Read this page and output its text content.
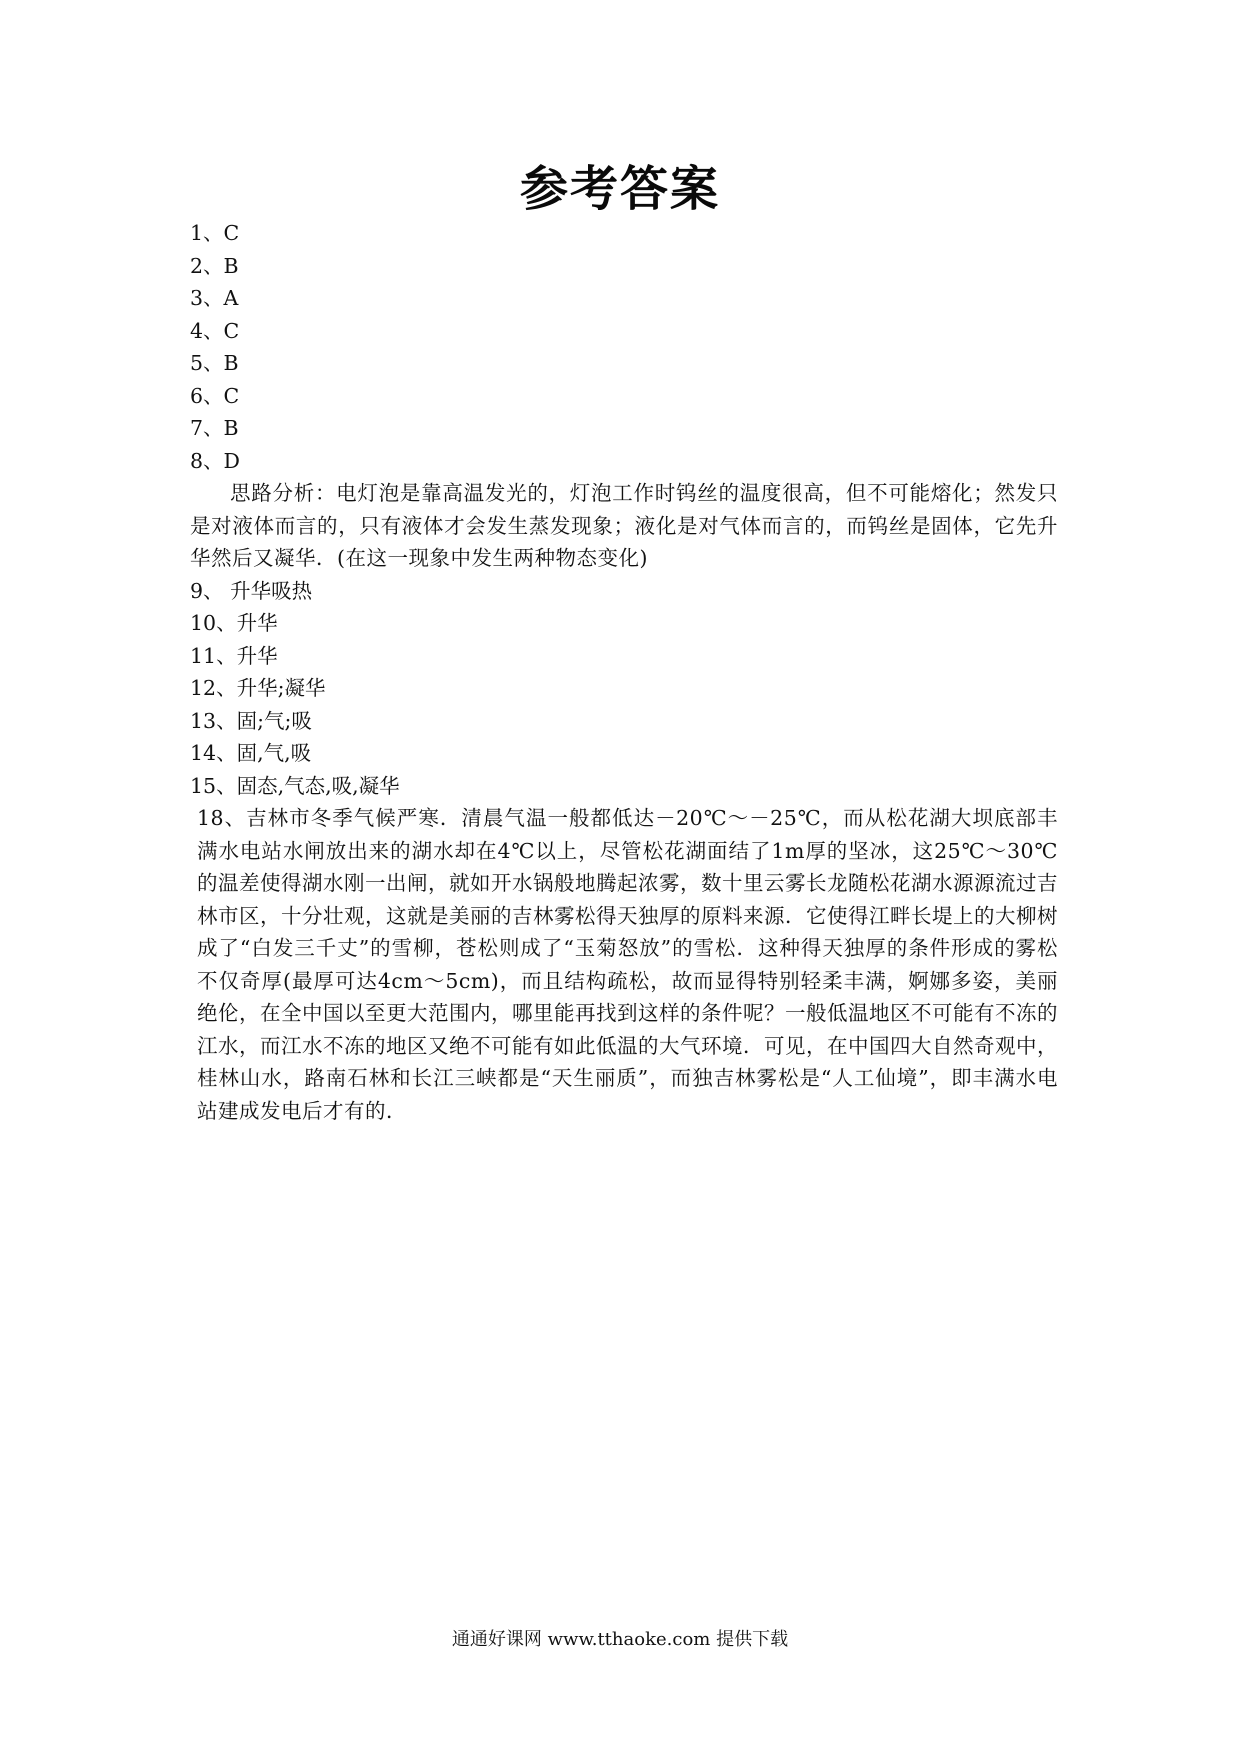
参考答案
1、C
2、B
3、A
4、C
5、B
6、C
7、B
8、D
思路分析：电灯泡是靠高温发光的，灯泡工作时钨丝的温度很高，但不可能熔化；然发只是对液体而言的，只有液体才会发生蒸发现象；液化是对气体而言的，而钨丝是固体，它先升华然后又凝华．(在这一现象中发生两种物态变化)
9、 升华吸热
10、升华
11、升华
12、升华;凝华
13、固;气;吸
14、固,气,吸
15、固态,气态,吸,凝华
18、吉林市冬季气候严寒．清晨气温一般都低达－20℃～－25℃，而从松花湖大坝底部丰满水电站水闸放出来的湖水却在4℃以上，尽管松花湖面结了1m厚的坚冰，这25℃～30℃的温差使得湖水刚一出闸，就如开水锅般地腾起浓雾，数十里云雾长龙随松花湖水源源流过吉林市区，十分壮观，这就是美丽的吉林雾松得天独厚的原料来源．它使得江畔长堤上的大柳树成了“白发三千丈”的雪柳，苍松则成了“玉菊怒放”的雪松．这种得天独厚的条件形成的雾松不仅奇厚(最厚可达4cm～5cm)，而且结构疏松，故而显得特别轻柔丰满，婀娜多姿，美丽绝伦，在全中国以至更大范围内，哪里能再找到这样的条件呢？一般低温地区不可能有不冻的江水，而江水不冻的地区又绝不可能有如此低温的大气环境．可见，在中国四大自然奇观中，桂林山水，路南石林和长江三峡都是“天生丽质”，而独吉林雾松是“人工仙境”，即丰满水电站建成发电后才有的．
通通好课网 www.tthaoke.com 提供下载
